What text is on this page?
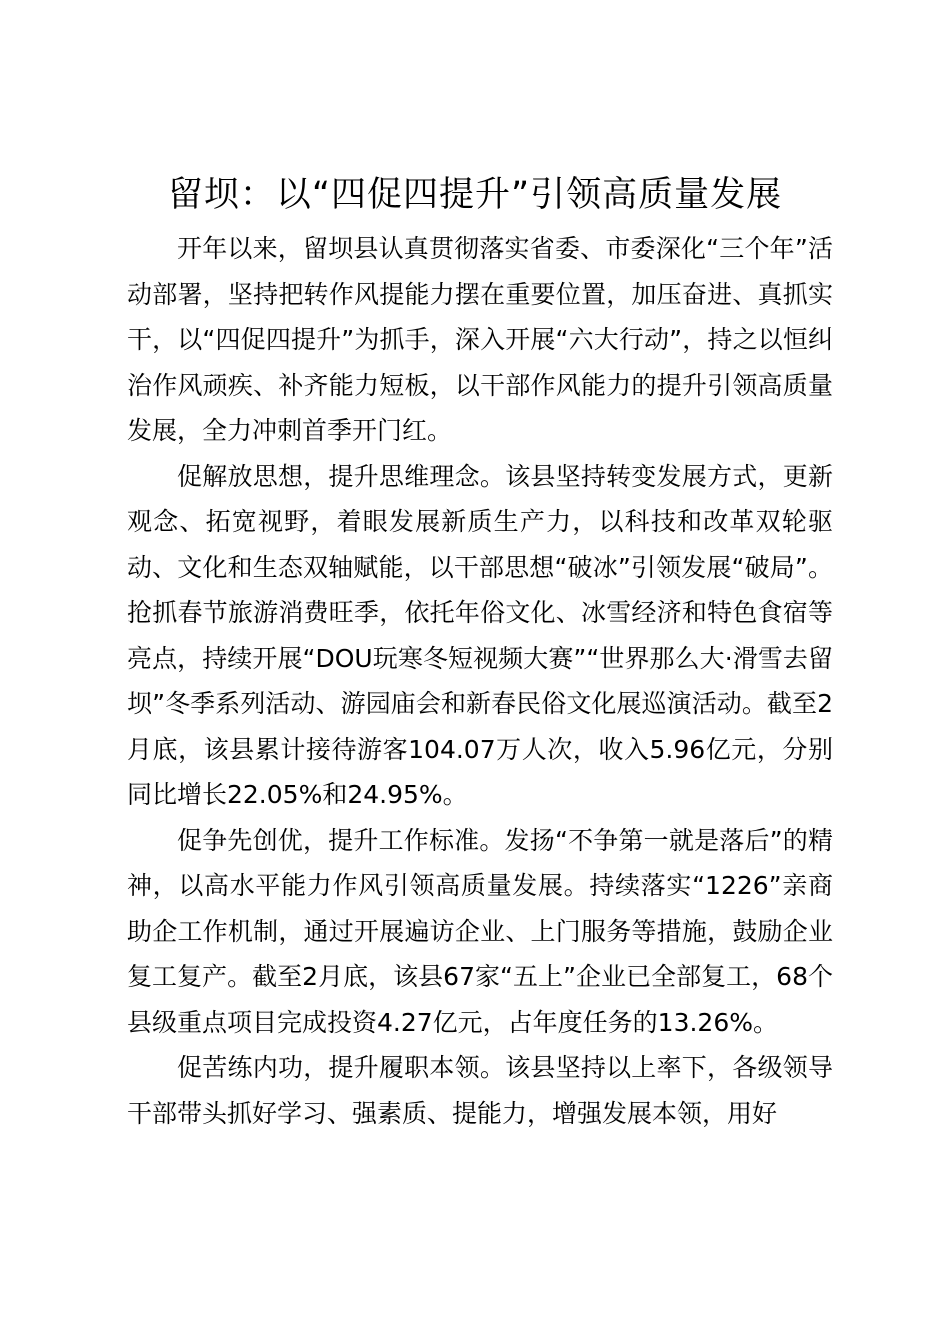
留坝：以“四促四提升”引领高质量发展

开年以来，留坝县认真贯彻落实省委、市委深化“三个年”活动部署，坚持把转作风提能力摆在重要位置，加压奋进、真抓实干，以“四促四提升”为抓手，深入开展“六大行动”，持之以恒纠治作风顽疾、补齐能力短板，以干部作风能力的提升引领高质量发展，全力冲刺首季开门红。

促解放思想，提升思维理念。该县坚持转变发展方式，更新观念、拓宽视野，着眼发展新质生产力，以科技和改革双轮驱动、文化和生态双轴赋能，以干部思想“破冰”引领发展“破局”。抢抓春节旅游消费旺季，依托年俗文化、冰雪经济和特色食宿等亮点，持续开展“DOU玩寒冬短视频大赛”“世界那么大·滑雪去留坝”冬季系列活动、游园庙会和新春民俗文化展巡演活动。截至2月底，该县累计接待游客104.07万人次，收入5.96亿元，分别同比增长22.05%和24.95%。

促争先创优，提升工作标准。发扬“不争第一就是落后”的精神，以高水平能力作风引领高质量发展。持续落实“1226”亲商助企工作机制，通过开展遍访企业、上门服务等措施，鼓励企业复工复产。截至2月底，该县67家“五上”企业已全部复工，68个县级重点项目完成投资4.27亿元，占年度任务的13.26%。

促苦练内功，提升履职本领。该县坚持以上率下，各级领导干部带头抓好学习、强素质、提能力，增强发展本领，用好
